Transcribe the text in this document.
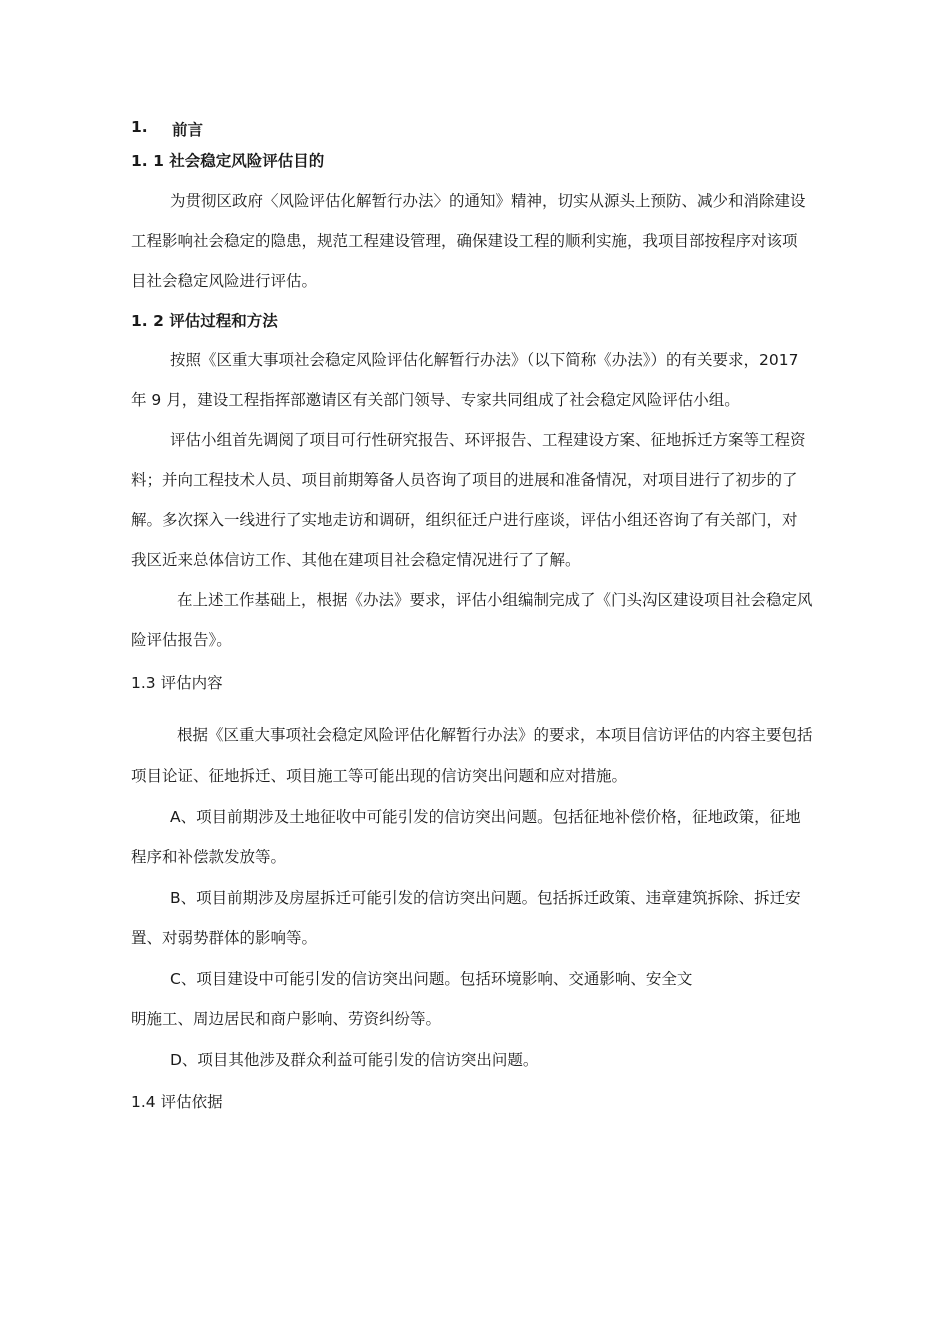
1. 前言
1. 1 社会稳定风险评估目的
为贯彻区政府〈风险评估化解暂行办法〉的通知》精神，切实从源头上预防、减少和消除建设
工程影响社会稳定的隐患，规范工程建设管理，确保建设工程的顺利实施，我项目部按程序对该项
目社会稳定风险进行评估。
1. 2 评估过程和方法
按照《区重大事项社会稳定风险评估化解暂行办法》（以下简称《办法》）的有关要求，2017
年 9 月，建设工程指挥部邀请区有关部门领导、专家共同组成了社会稳定风险评估小组。
评估小组首先调阅了项目可行性研究报告、环评报告、工程建设方案、征地拆迁方案等工程资
料；并向工程技术人员、项目前期筹备人员咨询了项目的进展和准备情况，对项目进行了初步的了
解。多次探入一线进行了实地走访和调研，组织征迁户进行座谈，评估小组还咨询了有关部门，对
我区近来总体信访工作、其他在建项目社会稳定情况进行了了解。
在上述工作基础上，根据《办法》要求，评估小组编制完成了《门头沟区建设项目社会稳定风
险评估报告》。
1.3 评估内容
根据《区重大事项社会稳定风险评估化解暂行办法》的要求，本项目信访评估的内容主要包括
项目论证、征地拆迁、项目施工等可能出现的信访突出问题和应对措施。
A、项目前期涉及土地征收中可能引发的信访突出问题。包括征地补偿价格，征地政策，征地
程序和补偿款发放等。
B、项目前期涉及房屋拆迁可能引发的信访突出问题。包括拆迁政策、违章建筑拆除、拆迁安
置、对弱势群体的影响等。
C、项目建设中可能引发的信访突出问题。包括环境影响、交通影响、安全文
明施工、周边居民和商户影响、劳资纠纷等。
D、项目其他涉及群众利益可能引发的信访突出问题。
1.4 评估依据
